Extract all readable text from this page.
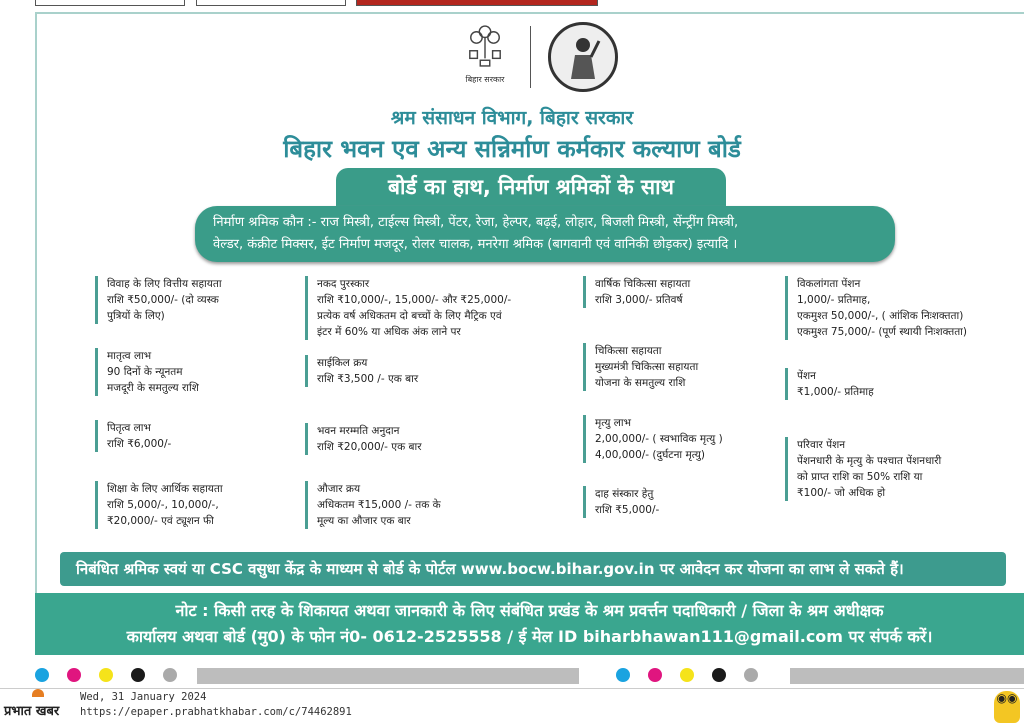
बिहार सरकार
श्रम संसाधन विभाग, बिहार सरकार
बिहार भवन एव अन्य सन्निर्माण कर्मकार कल्याण बोर्ड
बोर्ड का हाथ, निर्माण श्रमिकों के साथ
निर्माण श्रमिक कौन :- राज मिस्त्री, टाईल्स मिस्त्री, पेंटर, रेजा, हेल्पर, बढ़ई, लोहार, बिजली मिस्त्री, सेंन्ट्रींग मिस्त्री,
वेल्डर, कंक्रीट मिक्सर, ईट निर्माण मजदूर, रोलर चालक, मनरेगा श्रमिक (बागवानी एवं वानिकी छोड़कर) इत्यादि ।
विवाह के लिए वित्तीय सहायता
राशि ₹50,000/- (दो व्यस्क
पुत्रियों के लिए)
मातृत्व लाभ
90 दिनों के न्यूनतम
मजदूरी के समतुल्य राशि
पितृत्व लाभ
राशि ₹6,000/-
शिक्षा के लिए आर्थिक सहायता
राशि 5,000/-, 10,000/-,
₹20,000/- एवं ट्यूशन फी
नकद पुरस्कार
राशि ₹10,000/-, 15,000/- और ₹25,000/-
प्रत्येक वर्ष अधिकतम दो बच्चों के लिए मैट्रिक एवं
इंटर में 60% या अधिक अंक लाने पर
साईकिल क्रय
राशि ₹3,500 /- एक बार
भवन मरम्मति अनुदान
राशि ₹20,000/- एक बार
औजार क्रय
अधिकतम ₹15,000 /- तक के
मूल्य का औजार एक बार
वार्षिक चिकित्सा सहायता
राशि 3,000/- प्रतिवर्ष
चिकित्सा सहायता
मुख्यमंत्री चिकित्सा सहायता
योजना के समतुल्य राशि
मृत्यु लाभ
2,00,000/- ( स्वभाविक मृत्यु )
4,00,000/- (दुर्घटना मृत्यु)
दाह संस्कार हेतु
राशि ₹5,000/-
विकलांगता पेंशन
1,000/- प्रतिमाह,
एकमुश्त 50,000/-, ( आंशिक निःशक्तता)
एकमुश्त 75,000/- (पूर्ण स्थायी निःशक्तता)
पेंशन
₹1,000/- प्रतिमाह
परिवार पेंशन
पेंशनधारी के मृत्यु के पश्चात पेंशनधारी
को प्राप्त राशि का 50% राशि या
₹100/- जो अधिक हो
निबंधित श्रमिक स्वयं या CSC वसुधा केंद्र के माध्यम से बोर्ड के पोर्टल www.bocw.bihar.gov.in पर आवेदन कर योजना का लाभ ले सकते हैं।
नोट : किसी तरह के शिकायत अथवा जानकारी के लिए संबंधित प्रखंड के श्रम प्रवर्त्तन पदाधिकारी / जिला के श्रम अधीक्षक
कार्यालय अथवा बोर्ड (मु0) के फोन नं0- 0612-2525558 / ई मेल ID biharbhawan111@gmail.com पर संपर्क करें।
प्रभात खबर
Wed, 31 January 2024
https://epaper.prabhatkhabar.com/c/74462891
◉◉
